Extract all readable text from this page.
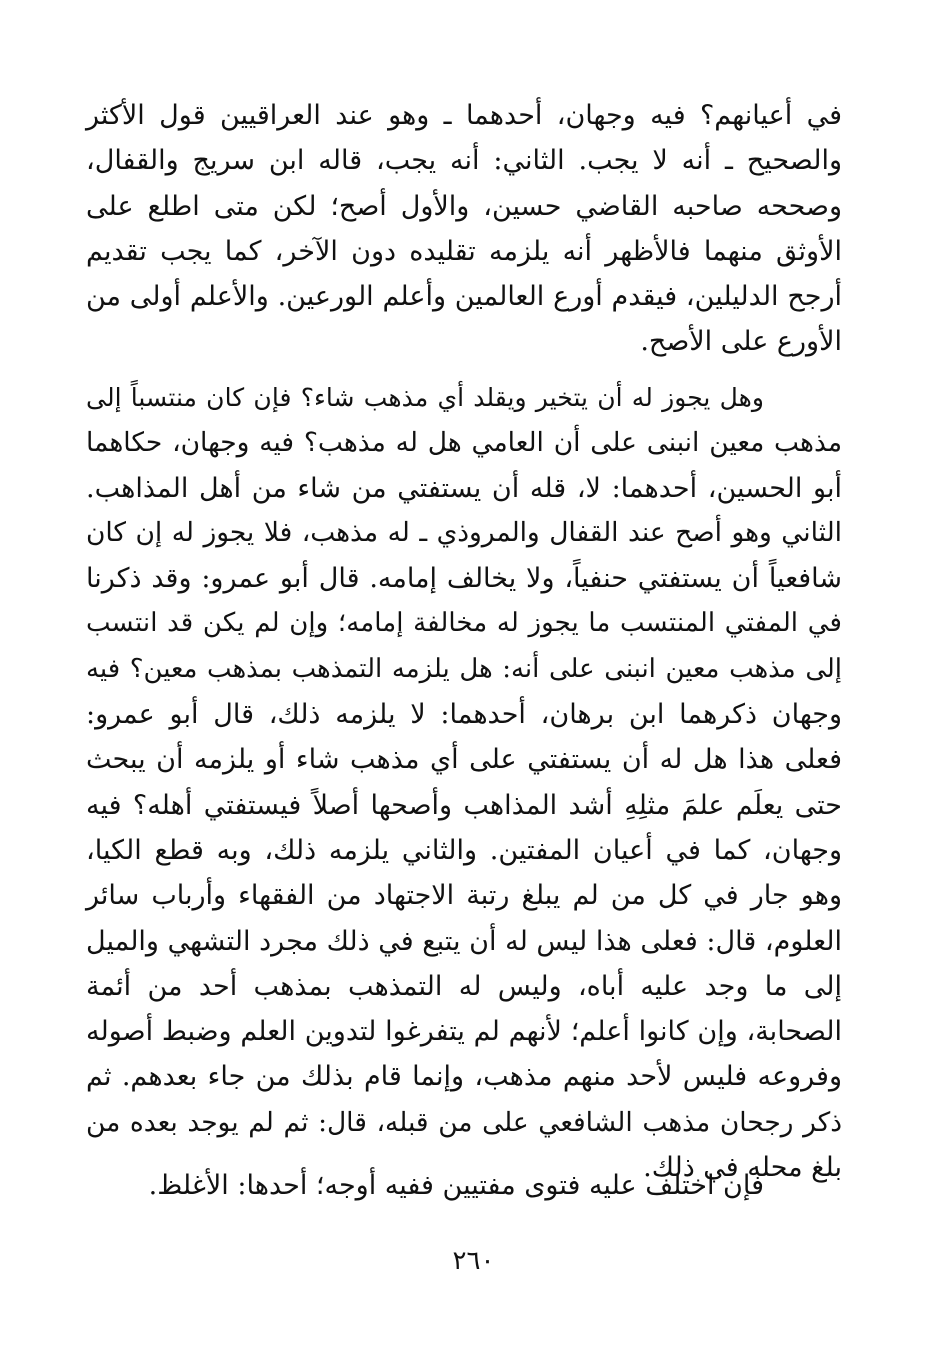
في أعيانهم؟ فيه وجهان، أحدهما ـ وهو عند العراقيين قول الأكثر
والصحيح ـ أنه لا يجب. الثاني: أنه يجب، قاله ابن سريج والقفال،
وصححه صاحبه القاضي حسين، والأول أصح؛ لكن متى اطلع على
الأوثق منهما فالأظهر أنه يلزمه تقليده دون الآخر، كما يجب تقديم
أرجح الدليلين، فيقدم أورع العالمين وأعلم الورعين. والأعلم أولى من
الأورع على الأصح.
وهل يجوز له أن يتخير ويقلد أي مذهب شاء؟ فإن كان منتسباً إلى
مذهب معين انبنى على أن العامي هل له مذهب؟ فيه وجهان، حكاهما
أبو الحسين، أحدهما: لا، قله أن يستفتي من شاء من أهل المذاهب.
الثاني وهو أصح عند القفال والمروذي ـ له مذهب، فلا يجوز له إن كان
شافعياً أن يستفتي حنفياً، ولا يخالف إمامه. قال أبو عمرو: وقد ذكرنا
في المفتي المنتسب ما يجوز له مخالفة إمامه؛ وإن لم يكن قد انتسب
إلى مذهب معين انبنى على أنه: هل يلزمه التمذهب بمذهب معين؟ فيه
وجهان ذكرهما ابن برهان، أحدهما: لا يلزمه ذلك، قال أبو عمرو:
فعلى هذا هل له أن يستفتي على أي مذهب شاء أو يلزمه أن يبحث
حتى يعلَم علمَ مثلِهِ أشد المذاهب وأصحها أصلاً فيستفتي أهله؟ فيه
وجهان، كما في أعيان المفتين. والثاني يلزمه ذلك، وبه قطع الكيا،
وهو جار في كل من لم يبلغ رتبة الاجتهاد من الفقهاء وأرباب سائر
العلوم، قال: فعلى هذا ليس له أن يتبع في ذلك مجرد التشهي والميل
إلى ما وجد عليه أباه، وليس له التمذهب بمذهب أحد من أئمة
الصحابة، وإن كانوا أعلم؛ لأنهم لم يتفرغوا لتدوين العلم وضبط أصوله
وفروعه فليس لأحد منهم مذهب، وإنما قام بذلك من جاء بعدهم. ثم
ذكر رجحان مذهب الشافعي على من قبله، قال: ثم لم يوجد بعده من
بلغ محله في ذلك.
فإن اختلف عليه فتوى مفتيين ففيه أوجه؛ أحدها: الأغلظ.
٢٦٠
